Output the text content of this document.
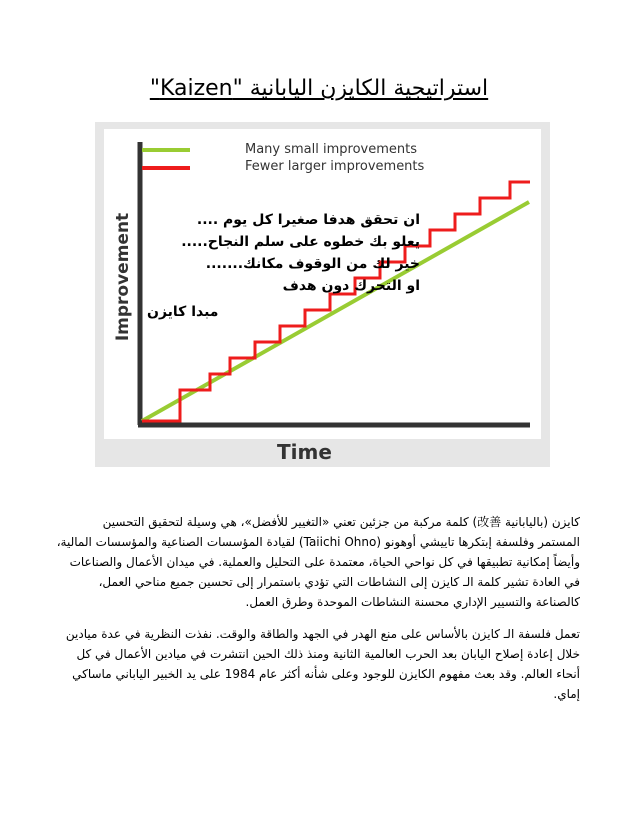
استراتيجية الكايزن اليابانية "Kaizen"
Many small improvements
Fewer larger improvements
Improvement
Time
ان تحقق هدفا صغيرا كل يوم ....
يعلو بك خطوه على سلم النجاح.....
خير لك من الوقوف مكانك.......
او التحرك دون هدف
مبدا كايزن
كايزن (باليابانية 改善) كلمة مركبة من جزئين تعني «التغيير للأفضل»، هي وسيلة لتحقيق التحسين
المستمر وفلسفة إبتكرها تاييشي أوهونو (Taiichi Ohno) لقيادة المؤسسات الصناعية والمؤسسات المالية،
وأيضاً إمكانية تطبيقها في كل نواحي الحياة، معتمدة على التحليل والعملية. في ميدان الأعمال والصناعات
في العادة تشير كلمة الـ كايزن إلى النشاطات التي تؤدي باستمرار إلى تحسين جميع مناحي العمل،
كالصناعة والتسيير الإداري محسنة النشاطات الموحدة وطرق العمل.
تعمل فلسفة الـ كايزن بالأساس على منع الهدر في الجهد والطاقة والوقت. نفذت النظرية في عدة ميادين
خلال إعادة إصلاح اليابان بعد الحرب العالمية الثانية ومنذ ذلك الحين انتشرت في ميادين الأعمال في كل
أنحاء العالم. وقد بعث مفهوم الكايزن للوجود وعلى شأنه أكثر عام 1984 على يد الخبير الياباني ماساكي
إماي.
